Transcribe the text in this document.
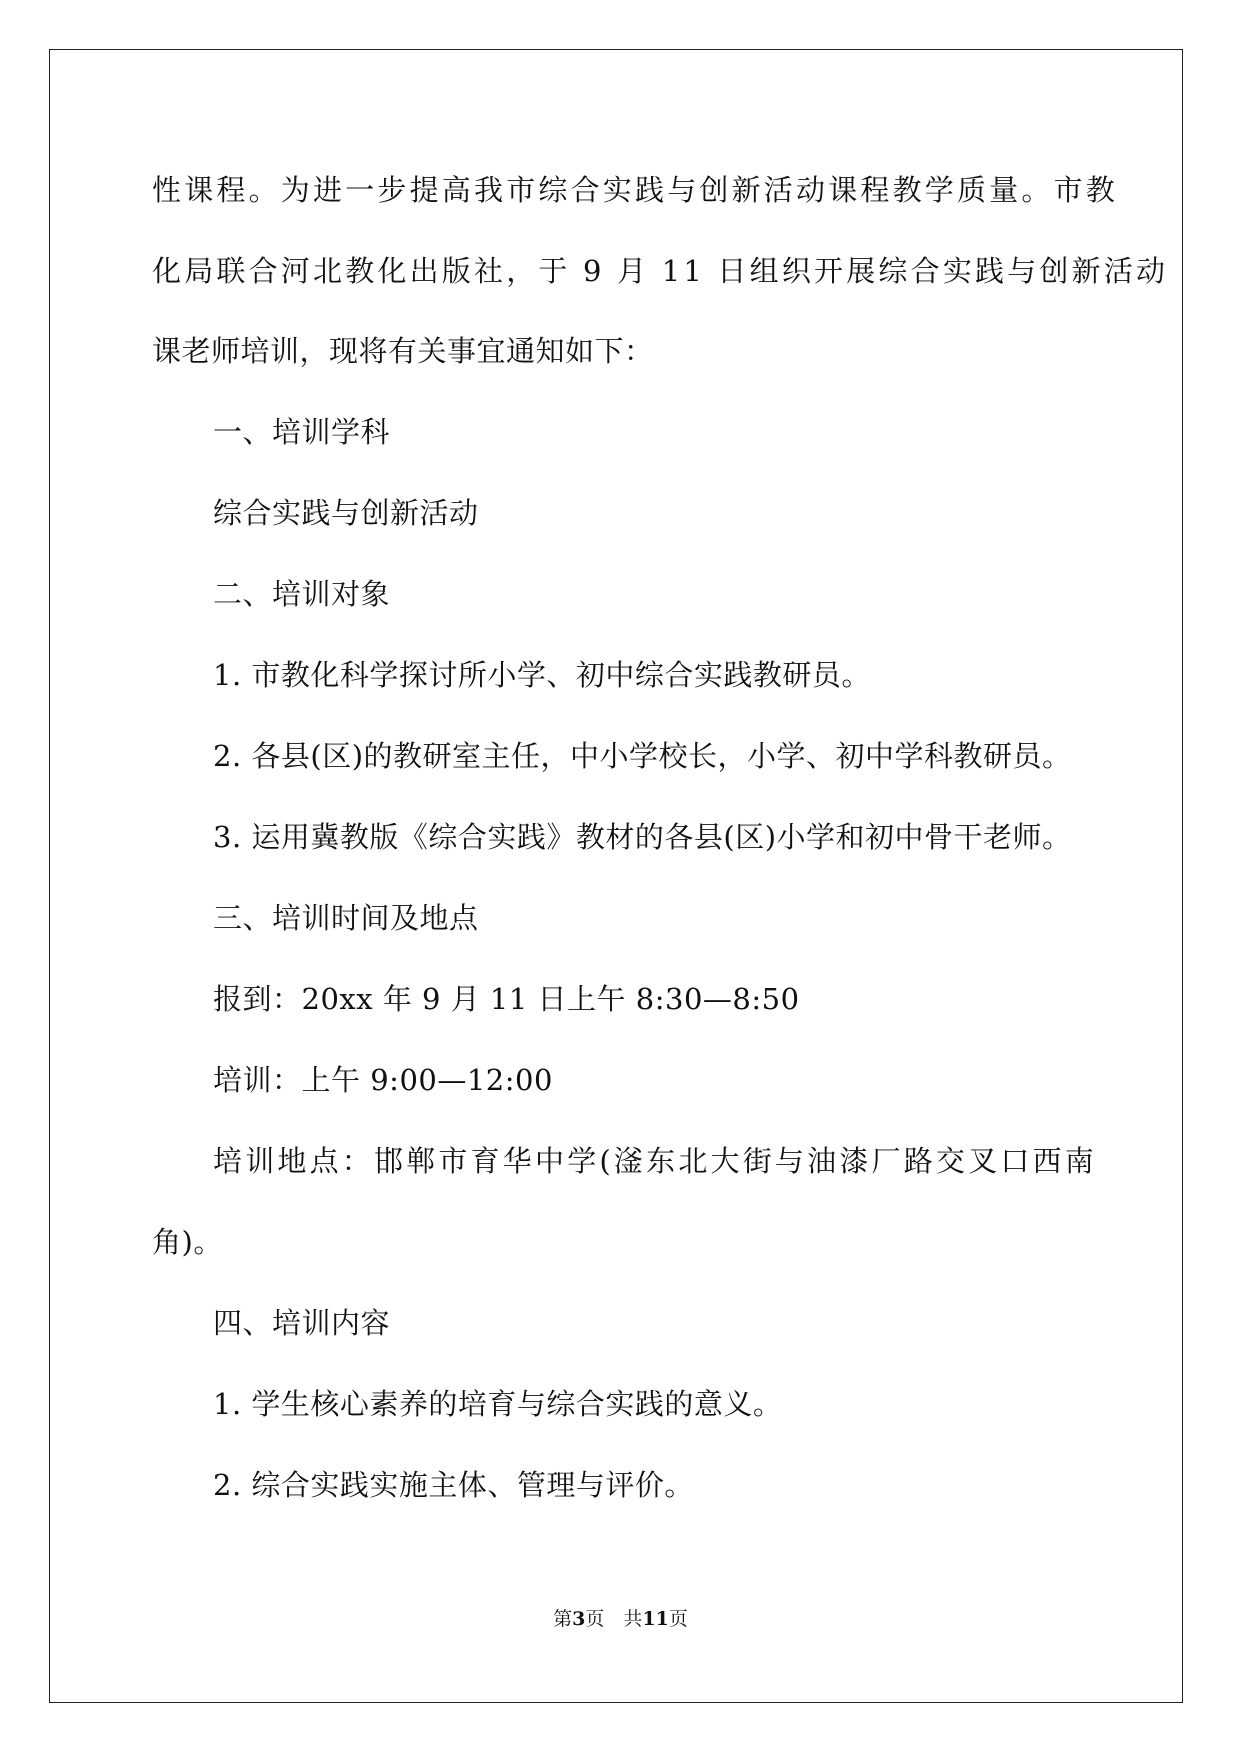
性课程。为进一步提高我市综合实践与创新活动课程教学质量。市教
化局联合河北教化出版社，于 9 月 11 日组织开展综合实践与创新活动
课老师培训，现将有关事宜通知如下：
一、培训学科
综合实践与创新活动
二、培训对象
1. 市教化科学探讨所小学、初中综合实践教研员。
2. 各县(区)的教研室主任，中小学校长，小学、初中学科教研员。
3. 运用冀教版《综合实践》教材的各县(区)小学和初中骨干老师。
三、培训时间及地点
报到：20xx 年 9 月 11 日上午 8:30—8:50
培训：上午 9:00—12:00
培训地点：邯郸市育华中学(滏东北大街与油漆厂路交叉口西南
角)。
四、培训内容
1. 学生核心素养的培育与综合实践的意义。
2. 综合实践实施主体、管理与评价。
第3页　共11页
